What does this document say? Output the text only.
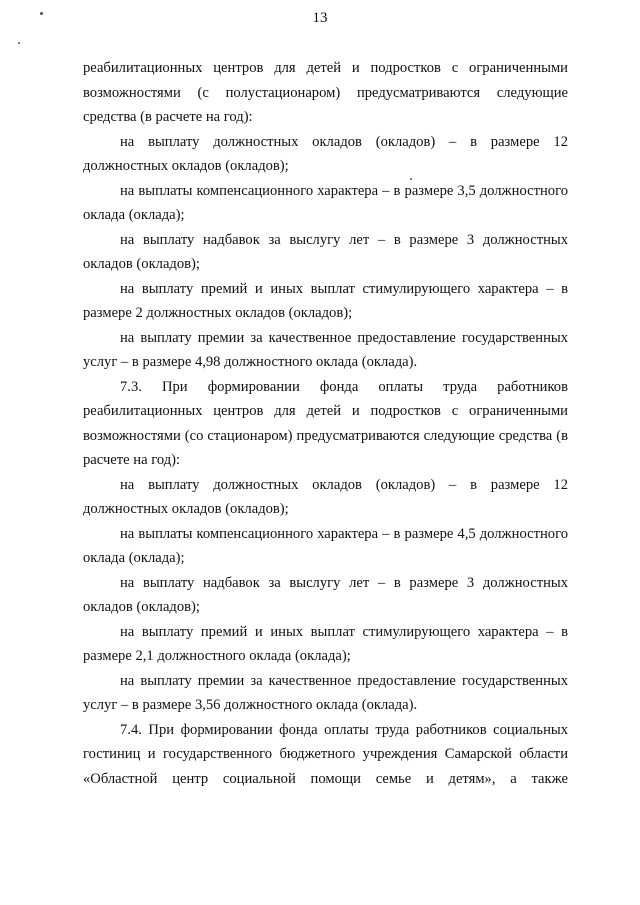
13

реабилитационных центров для детей и подростков с ограниченными возможностями (с полустационаром) предусматриваются следующие средства (в расчете на год):

на выплату должностных окладов (окладов) – в размере 12 должностных окладов (окладов);

на выплаты компенсационного характера – в размере 3,5 должностного оклада (оклада);

на выплату надбавок за выслугу лет – в размере 3 должностных окладов (окладов);

на выплату премий и иных выплат стимулирующего характера – в размере 2 должностных окладов (окладов);

на выплату премии за качественное предоставление государственных услуг – в размере 4,98 должностного оклада (оклада).

7.3. При формировании фонда оплаты труда работников реабилитационных центров для детей и подростков с ограниченными возможностями (со стационаром) предусматриваются следующие средства (в расчете на год):

на выплату должностных окладов (окладов) – в размере 12 должностных окладов (окладов);

на выплаты компенсационного характера – в размере 4,5 должностного оклада (оклада);

на выплату надбавок за выслугу лет – в размере 3 должностных окладов (окладов);

на выплату премий и иных выплат стимулирующего характера – в размере 2,1 должностного оклада (оклада);

на выплату премии за качественное предоставление государственных услуг – в размере 3,56 должностного оклада (оклада).

7.4. При формировании фонда оплаты труда работников социальных гостиниц и государственного бюджетного учреждения Самарской области «Областной центр социальной помощи семье и детям», а также
